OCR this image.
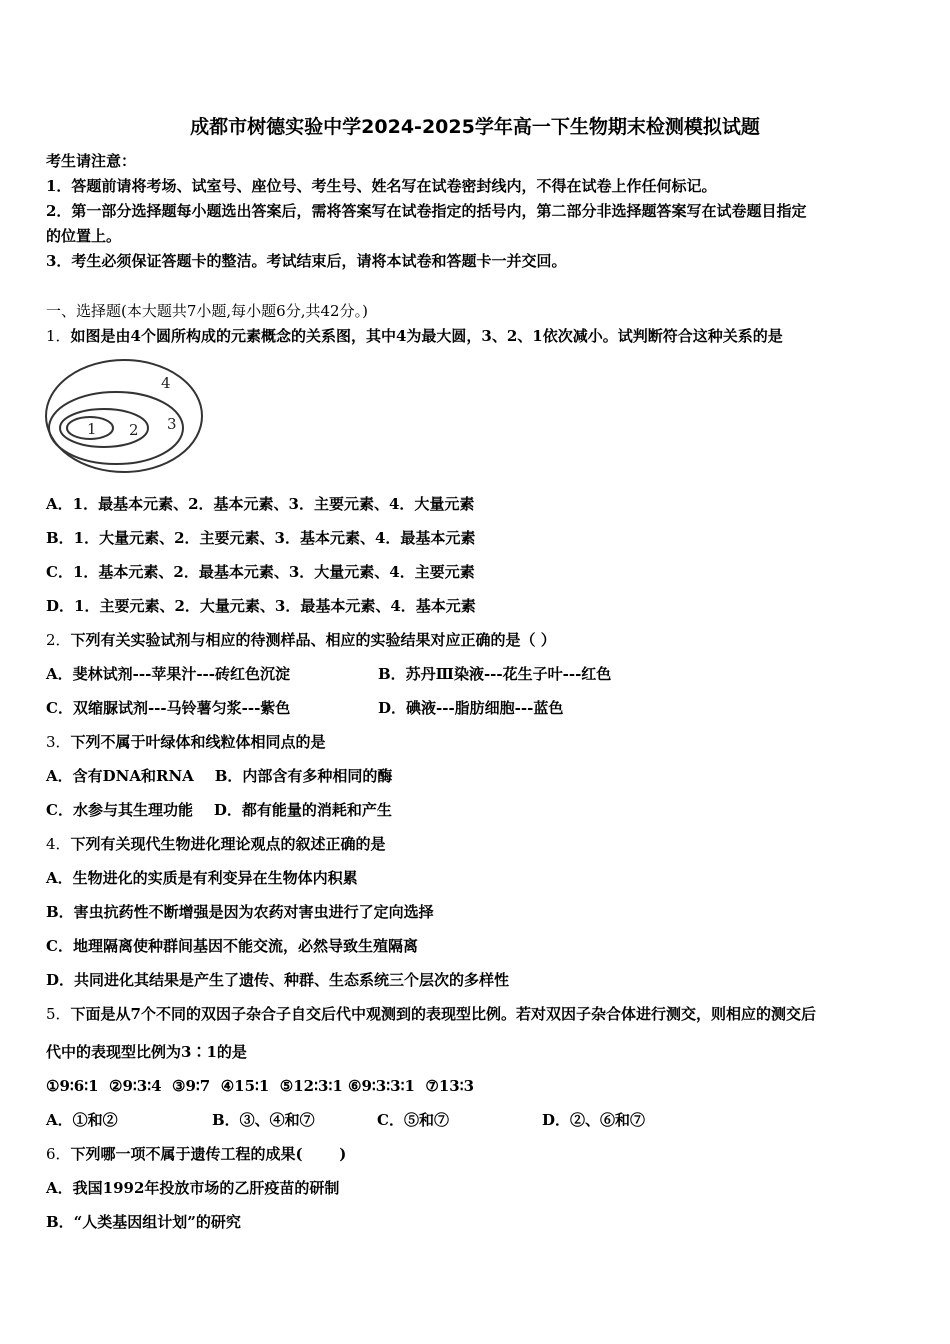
成都市树德实验中学2024-2025学年高一下生物期末检测模拟试题
考生请注意：
1．答题前请将考场、试室号、座位号、考生号、姓名写在试卷密封线内，不得在试卷上作任何标记。
2．第一部分选择题每小题选出答案后，需将答案写在试卷指定的括号内，第二部分非选择题答案写在试卷题目指定
的位置上。
3．考生必须保证答题卡的整洁。考试结束后，请将本试卷和答题卡一并交回。
一、选择题(本大题共7小题,每小题6分,共42分。)
1．如图是由4个圆所构成的元素概念的关系图，其中4为最大圆，3、2、1依次减小。试判断符合这种关系的是
1 2 3
4
A．1．最基本元素、2．基本元素、3．主要元素、4．大量元素
B．1．大量元素、2．主要元素、3．基本元素、4．最基本元素
C．1．基本元素、2．最基本元素、3．大量元素、4．主要元素
D．1．主要元素、2．大量元素、3．最基本元素、4．基本元素
2．下列有关实验试剂与相应的待测样品、相应的实验结果对应正确的是（ ）
A．斐林试剂---苹果汁---砖红色沉淀	B．苏丹Ⅲ染液---花生子叶---红色
C．双缩脲试剂---马铃薯匀浆---紫色	D．碘液---脂肪细胞---蓝色
3．下列不属于叶绿体和线粒体相同点的是
A．含有DNA和RNA    B．内部含有多种相同的酶
C．水参与其生理功能    D．都有能量的消耗和产生
4．下列有关现代生物进化理论观点的叙述正确的是
A．生物进化的实质是有利变异在生物体内积累
B．害虫抗药性不断增强是因为农药对害虫进行了定向选择
C．地理隔离使种群间基因不能交流，必然导致生殖隔离
D．共同进化其结果是产生了遗传、种群、生态系统三个层次的多样性
5．下面是从7个不同的双因子杂合子自交后代中观测到的表现型比例。若对双因子杂合体进行测交，则相应的测交后
代中的表现型比例为3∶1的是
①9∶6∶1  ②9∶3∶4  ③9∶7  ④15∶1  ⑤12∶3∶1 ⑥9∶3∶3∶1  ⑦13∶3
A．①和②	B．③、④和⑦	C．⑤和⑦	D．②、⑥和⑦
6．下列哪一项不属于遗传工程的成果(       )
A．我国1992年投放市场的乙肝疫苗的研制
B．“人类基因组计划”的研究
